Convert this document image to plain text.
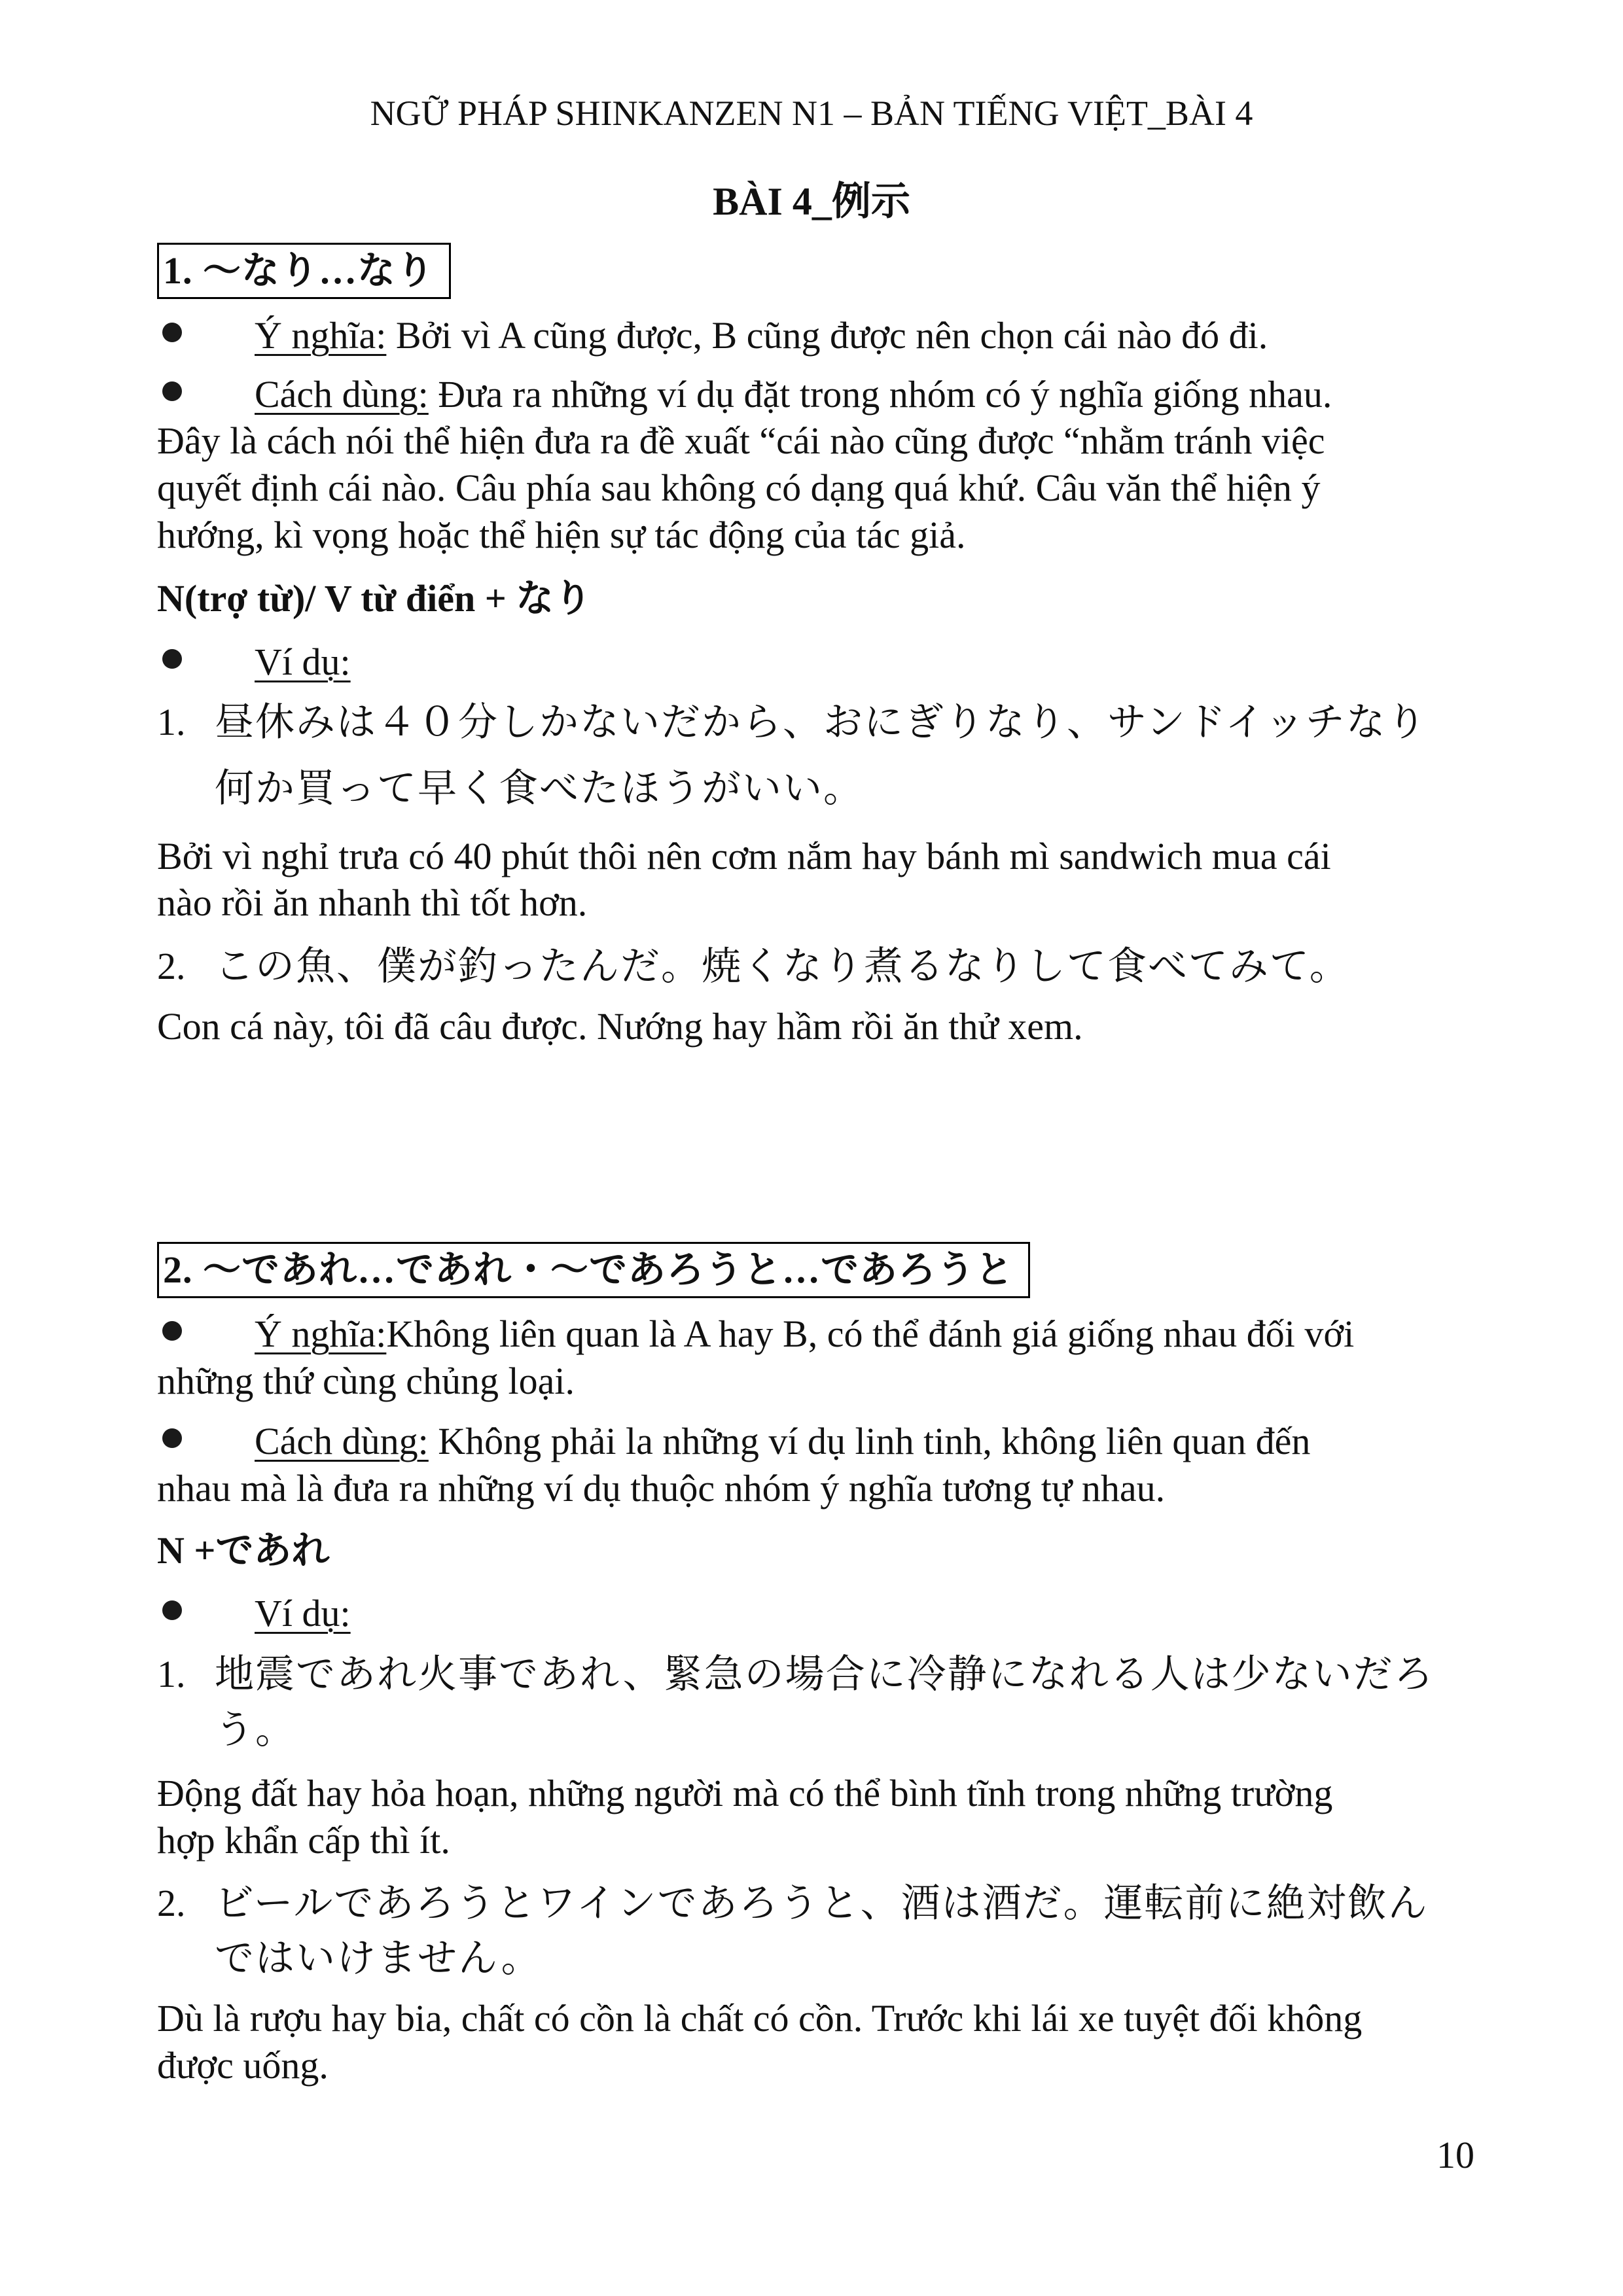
NGỮ PHÁP SHINKANZEN N1 – BẢN TIẾNG VIỆT_BÀI 4
BÀI 4_例示
1. 〜なり…なり
Ý nghĩa: Bởi vì A cũng được, B cũng được nên chọn cái nào đó đi.
Cách dùng: Đưa ra những ví dụ đặt trong nhóm có ý nghĩa giống nhau.
Đây là cách nói thể hiện đưa ra đề xuất “cái nào cũng được “nhằm tránh việc
quyết định cái nào. Câu phía sau không có dạng quá khứ. Câu văn thể hiện ý
hướng, kì vọng hoặc thể hiện sự tác động của tác giả.
N(trợ từ)/ V từ điển + なり
Ví dụ:
1. 昼休みは４０分しかないだから、おにぎりなり、サンドイッチなり
何か買って早く食べたほうがいい。
Bởi vì nghỉ trưa có 40 phút thôi nên cơm nắm hay bánh mì sandwich mua cái
nào rồi ăn nhanh thì tốt hơn.
2. この魚、僕が釣ったんだ。焼くなり煮るなりして食べてみて。
Con cá này, tôi đã câu được. Nướng hay hầm rồi ăn thử xem.
2. 〜であれ…であれ・〜であろうと…であろうと
Ý nghĩa:Không liên quan là A hay B, có thể đánh giá giống nhau đối với
những thứ cùng chủng loại.
Cách dùng: Không phải la những ví dụ linh tinh, không liên quan đến
nhau mà là đưa ra những ví dụ thuộc nhóm ý nghĩa tương tự nhau.
N +であれ
Ví dụ:
1. 地震であれ火事であれ、緊急の場合に冷静になれる人は少ないだろ
う。
Động đất hay hỏa hoạn, những người mà có thể bình tĩnh trong những trường
hợp khẩn cấp thì ít.
2. ビールであろうとワインであろうと、酒は酒だ。運転前に絶対飲ん
ではいけません。
Dù là rượu hay bia, chất có cồn là chất có cồn. Trước khi lái xe tuyệt đối không
được uống.
10
